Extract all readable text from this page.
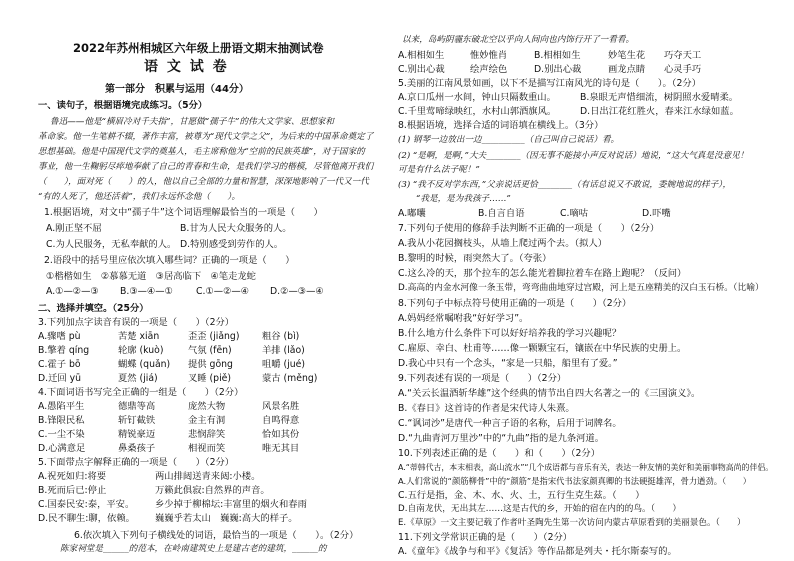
2022年苏州相城区六年级上册语文期末抽测试卷
语 文 试 卷
第一部分　积累与运用（44分）
一、读句子，根据语境完成练习。（5分）
鲁迅——他是“横眉冷对千夫指”，甘愿做“孺子牛”的伟大文学家、思想家和
革命家。他一生笔耕不辍，著作丰富，被尊为“现代文学之父”，为后来的中国革命奠定了
思想基础。他是中国现代文学的奠基人，毛主席称他为“空前的民族英雄”，对于国家的
事业，他一生鞠躬尽瘁地奉献了自己的青春和生命，是我们学习的楷模，尽管他离开我们
（　　），面对死（　　）的人，他以自己全部的力量和智慧，深深地影响了一代又一代
“有的人死了，他还活着”，我们永远怀念他（　　）。
1.根据语境，对文中“孺子牛”这个词语理解最恰当的一项是（　　）
A.刚正坚不屈	B.甘为人民大众服务的人。
C.为人民服务，无私奉献的人。 D.特别感受到劳作的人。
2.语段中的括号里应依次填入哪些词？正确的一项是（　　）
①楷楷如生　②慕慕无道　③居高临下　④笔走龙蛇
A.①—②—③ B.③—④—① C.①—②—④ D.②—③—④
二、选择并填空。（25分）
3.下列加点字读音有误的一项是（　　）（2分）
A.骤嗜 pù	苦楚 xiān	歪歪 (jiǎng) 粗谷 (bì)
B.擎着 qíng	轮廓 (kuò)	气氛 (fēn)	羊排 (lǎo)
C.霍子 bō	蝴蝶 (quǎn) 提供 gōng	咀嚼 (jué)
D.迁回 yū	夏然 (jiá)	叉睡 (piě)	蒙古 (měng)
4.下面词语书写完全正确的一组是（　　）（2分）
A.愚陷平生	德鼎等高	庞然大物	风景名胜
B.锋限民私	斩钉截铁	金主有洞	自鸣得意
C.一尘不染	精锐豪迈	悲悯辞笑	恰如其份
D.心满意足	鼻桑孩子	相视而笑	唯无其目
5.下面带点字解释正确的一项是（　　）（2分）
A.祝死如归:将要	两山排闼送青来闼:小楼。
B.死而后已:停止	万籁此俱寂:自然界的声音。
C.国泰民安:泰，平安。 乡少掉于柳棉坛:丰富里的烟火和春雨
D.民不聊生:聊，依赖。 巍巍乎若太山　巍巍:高大的样子。
6.依次填入下列句子横线处的词语，最恰当的一项是（　　）。（2分）
陈家祠堂是______的范本，在岭南建筑史上是建古老的建筑，______的
以来，岛屿阴霾东破北空以乎向人间向也内饰行开了一看看。
A.相相如生	惟妙惟肖	B.相相如生	妙笔生花 巧夺天工
C.别出心裁	绘声绘色	D.别出心裁	画龙点睛 心灵手巧
5.美丽的江南风景如画，以下不是描写江南风光的诗句是（　　）。（2分）
A.京口瓜州一水间，钟山只隔数重山。	B.泉眼无声惜细流，树阴照水爱晴柔。
C.千里莺啼绿映红，水村山郭酒旗风。	D.日出江花红胜火，春来江水绿如蓝。
8.根据语境，选择合适的词语填在横线上。（3分）
(1) 钢琴一边放出一边__________（自己叫自己说话）看。
(2) “是啊，是啊，”大夫________（因无事不能接小声反对说话）地说，“这大气真是没意见！
可是有什么法子呢！”
(3) “我不反对学东西，”父亲说话更恰________（有话总说又不敢说，委婉地说的样子），
“我是，是为我孩子……”
A.嘟囔	B.自言自语	C.嘀咕	D.吓嘴
7.下列句子使用的修辞手法判断不正确的一项是（　　）（2分）
A.我从小花园搁枝头，从墙上爬过两个去。（拟人）
B.黎明的时候，雨突然大了。（夸张）
C.这么冷的天，那个拉车的怎么能光着脚拉着车在路上跑呢？（反问）
D.高高的内金水河像一条玉带，弯弯曲曲地穿过宫殿，河上是五座精美的汉白玉石桥。（比喻）
8.下列句子中标点符号使用正确的一项是（　　）（2分）
A.妈妈经常嘱咐我“好好学习”。
B.什么地方什么条件下可以好好培养我的学习兴趣呢？
C.雇原、幸白、杜甫等……像一颗颗宝石，镶嵌在中华民族的史册上。
D.我心中只有一个念头，“家是一只船，船里有了爱。”
9.下列表述有误的一项是（　　）（2分）
A.“关云长温酒斩华雄”这个经典的情节出自四大名著之一的《三国演义》。
B.《春日》这首诗的作者是宋代诗人朱熹。
C.“讽词沙”是唐代一种言子语的名称，后用于词牌名。
D.“九曲青河万里沙”中的“九曲”指的是九条河道。
10.下列表述正确的是（　　）和（　　）（2分）
A.“蒂韩代古，本末相表，高山流水”“几个成语都与音乐有关，表达一种友情的美好和美丽事物高尚的伴侣。
A.人们常说的“颜筋柳骨”中的“颜筋”是指宋代书法家颜真卿的书法硬挺雄浑，骨力遒劲。（　　）
C.五行是指，金、木、水、火、土，五行生克生兹。（　　）
D.自南龙伏，无出其左……这是古代的乡，开始的宿在内的的鸟。（　　）
E.《草原》一文主要记载了作者叶圣陶先生第一次访问内蒙古草原看到的美丽景色。（　　）
11.下列文学常识正确的是（　　）（2分）
A.《童年》《战争与和平》《复活》等作品都是列夫・托尔斯泰写的。
